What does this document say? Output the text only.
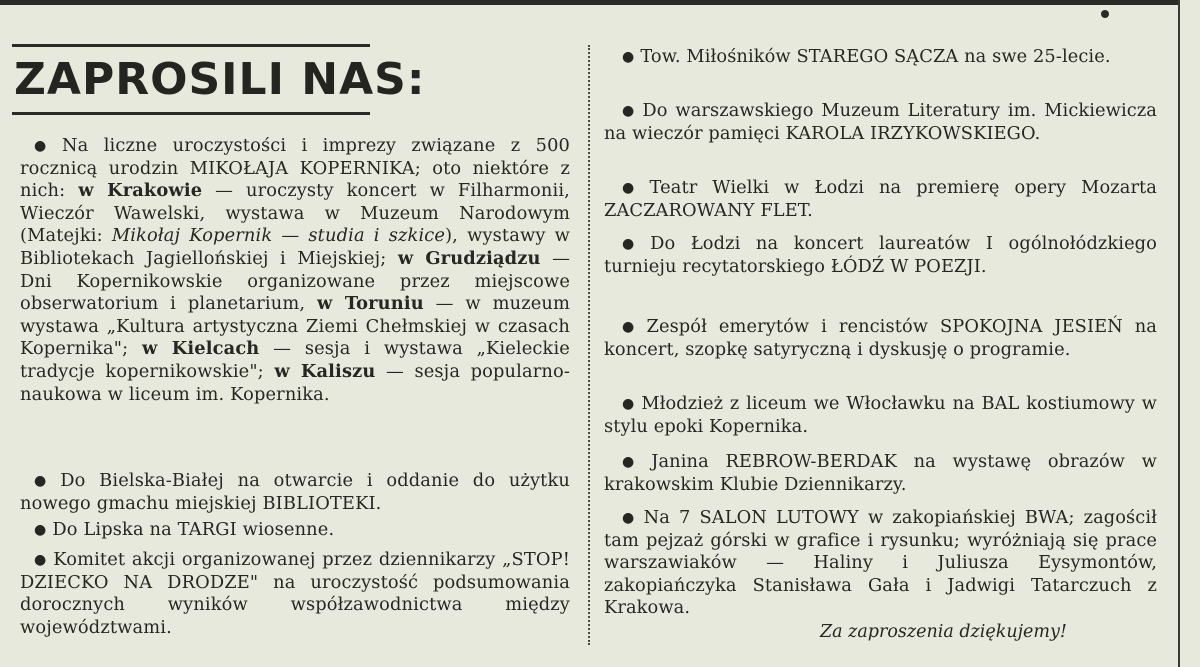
ZAPROSILI NAS:

● Na liczne uroczystości i imprezy związane z 500 rocznicą urodzin MIKOŁAJA KOPERNIKA; oto niektóre z nich: w Krakowie — uroczysty koncert w Filharmonii, Wieczór Wawelski, wystawa w Muzeum Narodowym (Matejki: Mikołaj Kopernik — studia i szkice), wystawy w Bibliotekach Jagiellońskiej i Miejskiej; w Grudziądzu — Dni Kopernikowskie organizowane przez miejscowe obserwatorium i planetarium, w Toruniu — w muzeum wystawa „Kultura artystyczna Ziemi Chełmskiej w czasach Kopernika"; w Kielcach — sesja i wystawa „Kieleckie tradycje kopernikowskie"; w Kaliszu — sesja popularno-naukowa w liceum im. Kopernika.

● Do Bielska-Białej na otwarcie i oddanie do użytku nowego gmachu miejskiej BIBLIOTEKI.

● Do Lipska na TARGI wiosenne.

● Komitet akcji organizowanej przez dziennikarzy „STOP! DZIECKO NA DRODZE" na uroczystość podsumowania dorocznych wyników współzawodnictwa między województwami.

● Tow. Miłośników STAREGO SĄCZA na swe 25-lecie.

● Do warszawskiego Muzeum Literatury im. Mickiewicza na wieczór pamięci KAROLA IRZYKOWSKIEGO.

● Teatr Wielki w Łodzi na premierę opery Mozarta ZACZAROWANY FLET.

● Do Łodzi na koncert laureatów I ogólnołódzkiego turnieju recytatorskiego ŁÓDŹ W POEZJI.

● Zespół emerytów i rencistów SPOKOJNA JESIEŃ na koncert, szopkę satyryczną i dyskusję o programie.

● Młodzież z liceum we Włocławku na BAL kostiumowy w stylu epoki Kopernika.

● Janina REBROW-BERDAK na wystawę obrazów w krakowskim Klubie Dziennikarzy.

● Na 7 SALON LUTOWY w zakopiańskiej BWA; zagościł tam pejzaż górski w grafice i rysunku; wyróżniają się prace warszawiaków — Haliny i Juliusza Eysymontów, zakopiańczyka Stanisława Gała i Jadwigi Tatarczuch z Krakowa.

Za zaproszenia dziękujemy!
